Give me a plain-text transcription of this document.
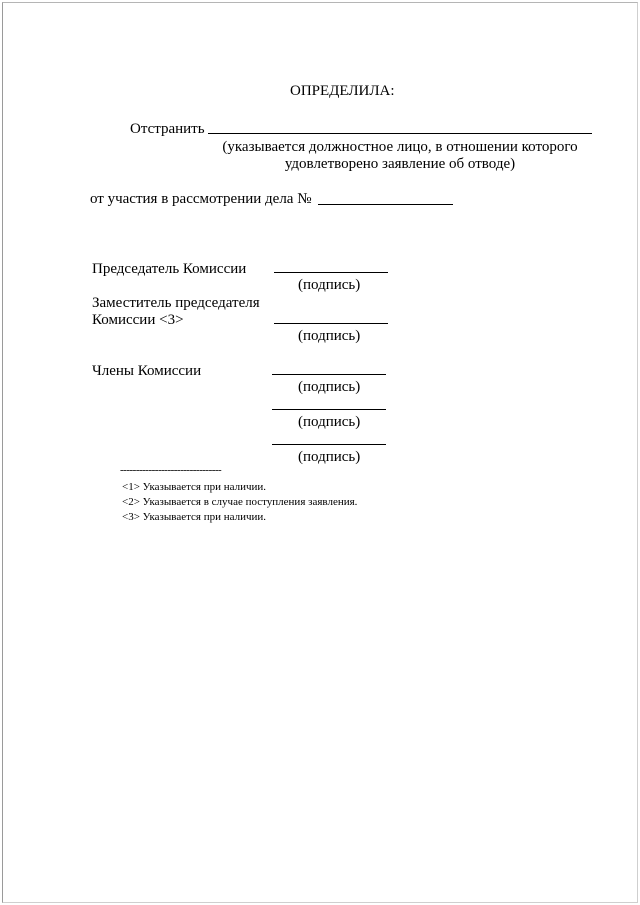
ОПРЕДЕЛИЛА:
Отстранить
(указывается должностное лицо, в отношении которого
удовлетворено заявление об отводе)
от участия в рассмотрении дела №
Председатель Комиссии
(подпись)
Заместитель председателя
Комиссии <3>
(подпись)
Члены Комиссии
(подпись)
(подпись)
(подпись)
--------------------------------
<1> Указывается при наличии.
<2> Указывается в случае поступления заявления.
<3> Указывается при наличии.
